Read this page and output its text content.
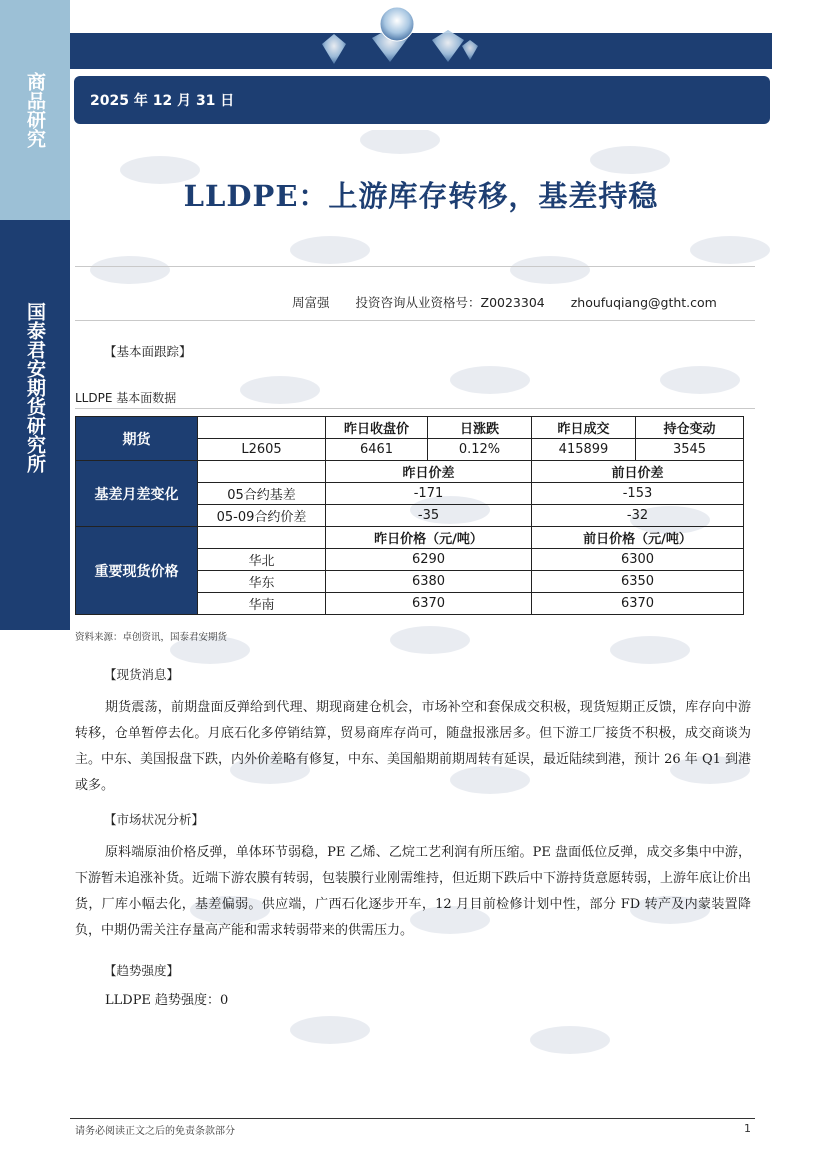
商品研究
国泰君安期货研究所
2025 年 12 月 31 日
LLDPE：上游库存转移，基差持稳
周富强 投资咨询从业资格号：Z0023304 zhoufuqiang@gtht.com
【基本面跟踪】
LLDPE 基本面数据
期货		昨日收盘价	日涨跌	昨日成交	持仓变动
	L2605	6461	0.12%	415899	3545
基差月差变化		昨日价差		前日价差	
	05合约基差	-171		-153	
	05-09合约价差	-35		-32	
重要现货价格		昨日价格（元/吨）		前日价格（元/吨）	
	华北	6290		6300	
	华东	6380		6350	
	华南	6370		6370	
资料来源：卓创资讯，国泰君安期货
【现货消息】
期货震荡，前期盘面反弹给到代理、期现商建仓机会，市场补空和套保成交积极，现货短期正反馈，库存向中游转移，仓单暂停去化。月底石化多停销结算，贸易商库存尚可，随盘报涨居多。但下游工厂接货不积极，成交商谈为主。中东、美国报盘下跌，内外价差略有修复，中东、美国船期前期周转有延误，最近陆续到港，预计 26 年 Q1 到港或多。
【市场状况分析】
原料端原油价格反弹，单体环节弱稳，PE 乙烯、乙烷工艺利润有所压缩。PE 盘面低位反弹，成交多集中中游，下游暂未追涨补货。近端下游农膜有转弱，包装膜行业刚需维持，但近期下跌后中下游持货意愿转弱，上游年底让价出货，厂库小幅去化，基差偏弱。供应端，广西石化逐步开车，12 月目前检修计划中性，部分 FD 转产及内蒙装置降负，中期仍需关注存量高产能和需求转弱带来的供需压力。
【趋势强度】
LLDPE 趋势强度：0
请务必阅读正文之后的免责条款部分	1
